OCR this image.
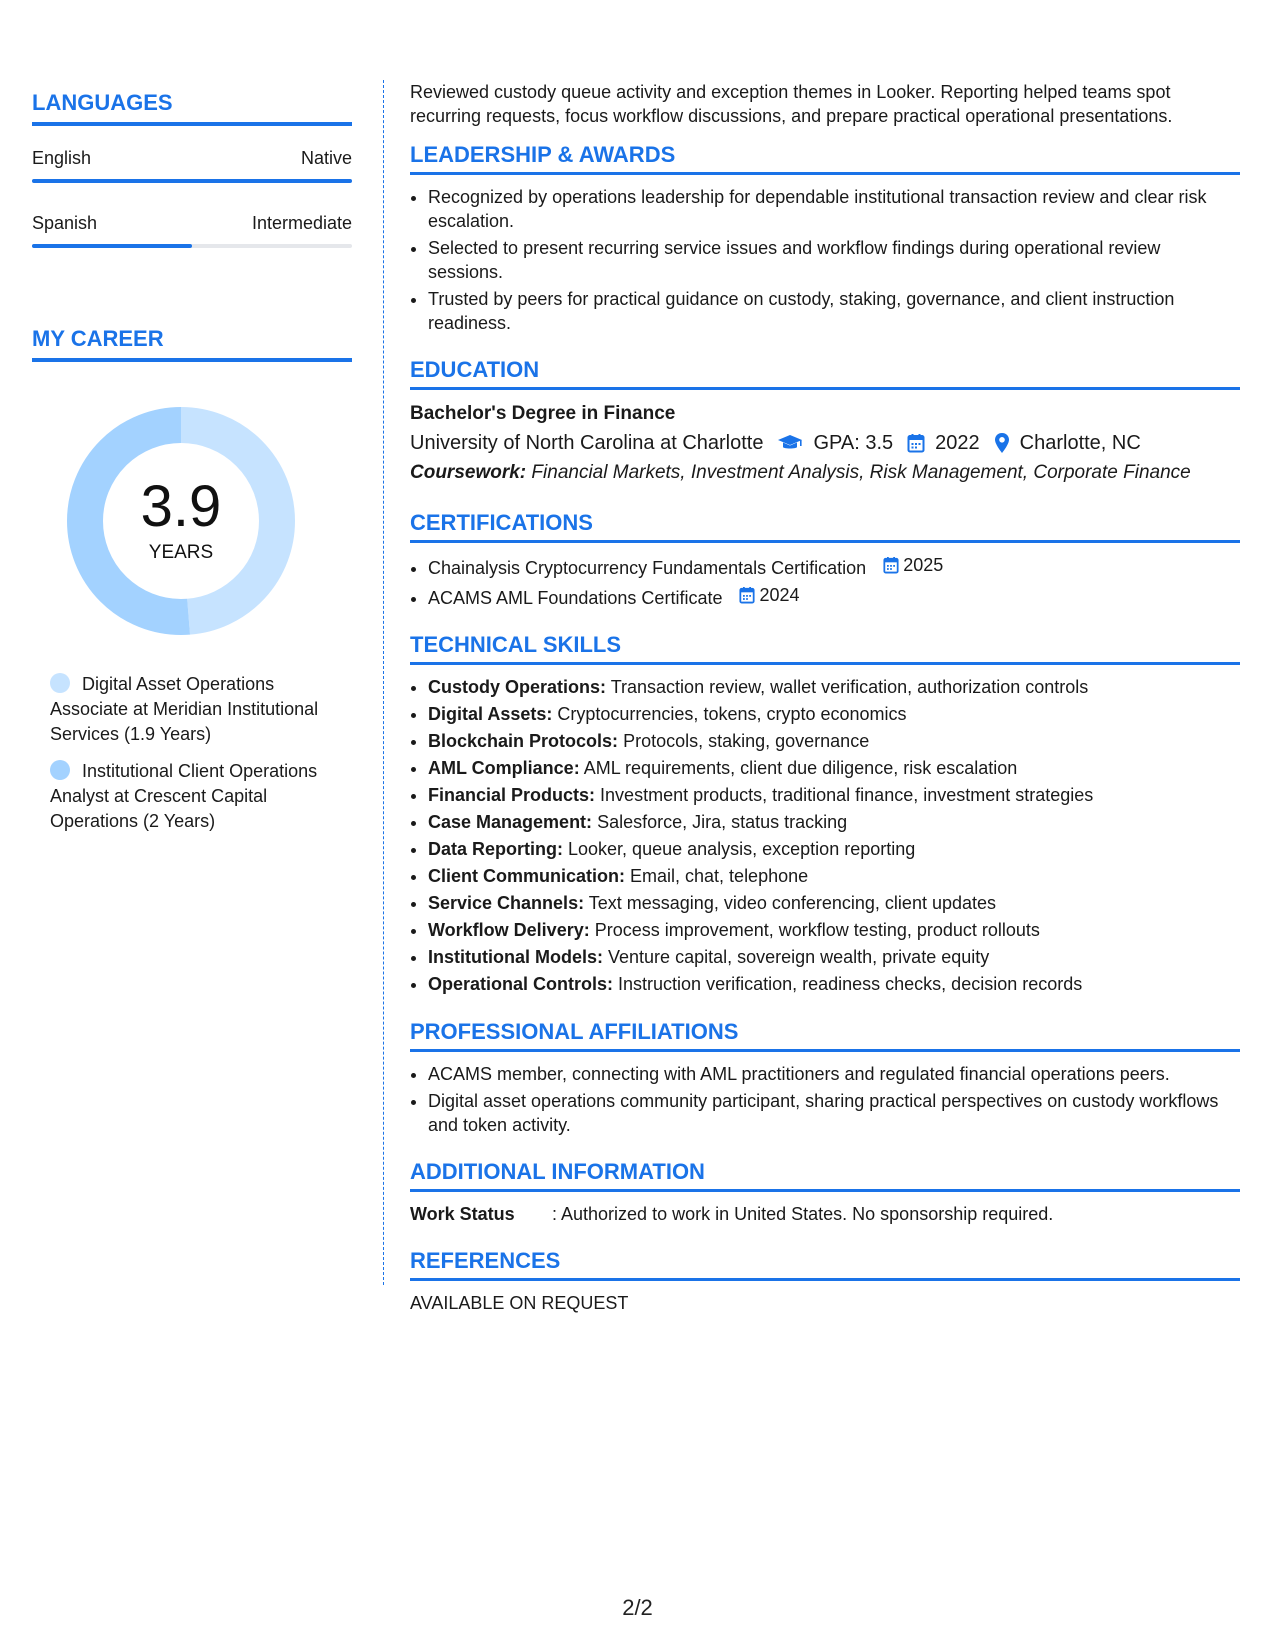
LANGUAGES
English	Native
Spanish	Intermediate
MY CAREER
3.9
YEARS
Digital Asset Operations Associate at Meridian Institutional Services (1.9 Years)
Institutional Client Operations Analyst at Crescent Capital Operations (2 Years)

Reviewed custody queue activity and exception themes in Looker. Reporting helped teams spot recurring requests, focus workflow discussions, and prepare practical operational presentations.

LEADERSHIP & AWARDS
• Recognized by operations leadership for dependable institutional transaction review and clear risk escalation.
• Selected to present recurring service issues and workflow findings during operational review sessions.
• Trusted by peers for practical guidance on custody, staking, governance, and client instruction readiness.
EDUCATION
Bachelor's Degree in Finance
University of North Carolina at Charlotte	GPA: 3.5 2022 Charlotte, NC
Coursework: Financial Markets, Investment Analysis, Risk Management, Corporate Finance
CERTIFICATIONS
• Chainalysis Cryptocurrency Fundamentals Certification 2025
• ACAMS AML Foundations Certificate 2024
TECHNICAL SKILLS
• Custody Operations: Transaction review, wallet verification, authorization controls
• Digital Assets: Cryptocurrencies, tokens, crypto economics
• Blockchain Protocols: Protocols, staking, governance
• AML Compliance: AML requirements, client due diligence, risk escalation
• Financial Products: Investment products, traditional finance, investment strategies
• Case Management: Salesforce, Jira, status tracking
• Data Reporting: Looker, queue analysis, exception reporting
• Client Communication: Email, chat, telephone
• Service Channels: Text messaging, video conferencing, client updates
• Workflow Delivery: Process improvement, workflow testing, product rollouts
• Institutional Models: Venture capital, sovereign wealth, private equity
• Operational Controls: Instruction verification, readiness checks, decision records
PROFESSIONAL AFFILIATIONS
• ACAMS member, connecting with AML practitioners and regulated financial operations peers.
• Digital asset operations community participant, sharing practical perspectives on custody workflows and token activity.
ADDITIONAL INFORMATION
Work Status	: Authorized to work in United States. No sponsorship required.
REFERENCES
AVAILABLE ON REQUEST
2/2
